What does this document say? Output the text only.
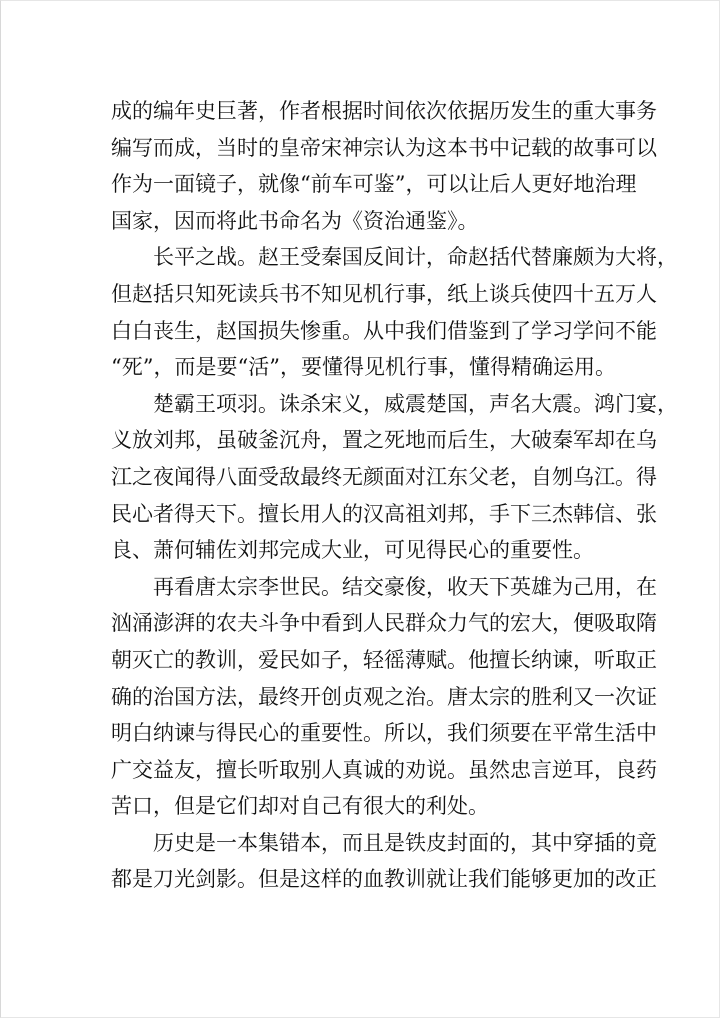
成的编年史巨著，作者根据时间依次依据历发生的重大事务
编写而成，当时的皇帝宋神宗认为这本书中记载的故事可以
作为一面镜子，就像“前车可鉴”，可以让后人更好地治理
国家，因而将此书命名为《资治通鉴》。
长平之战。赵王受秦国反间计，命赵括代替廉颇为大将，
但赵括只知死读兵书不知见机行事，纸上谈兵使四十五万人
白白丧生，赵国损失惨重。从中我们借鉴到了学习学问不能
“死”，而是要“活”，要懂得见机行事，懂得精确运用。
楚霸王项羽。诛杀宋义，威震楚国，声名大震。鸿门宴，
义放刘邦，虽破釜沉舟，置之死地而后生，大破秦军却在乌
江之夜闻得八面受敌最终无颜面对江东父老，自刎乌江。得
民心者得天下。擅长用人的汉高祖刘邦，手下三杰韩信、张
良、萧何辅佐刘邦完成大业，可见得民心的重要性。
再看唐太宗李世民。结交豪俊，收天下英雄为己用，在
汹涌澎湃的农夫斗争中看到人民群众力气的宏大，便吸取隋
朝灭亡的教训，爱民如子，轻徭薄赋。他擅长纳谏，听取正
确的治国方法，最终开创贞观之治。唐太宗的胜利又一次证
明白纳谏与得民心的重要性。所以，我们须要在平常生活中
广交益友，擅长听取别人真诚的劝说。虽然忠言逆耳，良药
苦口，但是它们却对自己有很大的利处。
历史是一本集错本，而且是铁皮封面的，其中穿插的竟
都是刀光剑影。但是这样的血教训就让我们能够更加的改正
